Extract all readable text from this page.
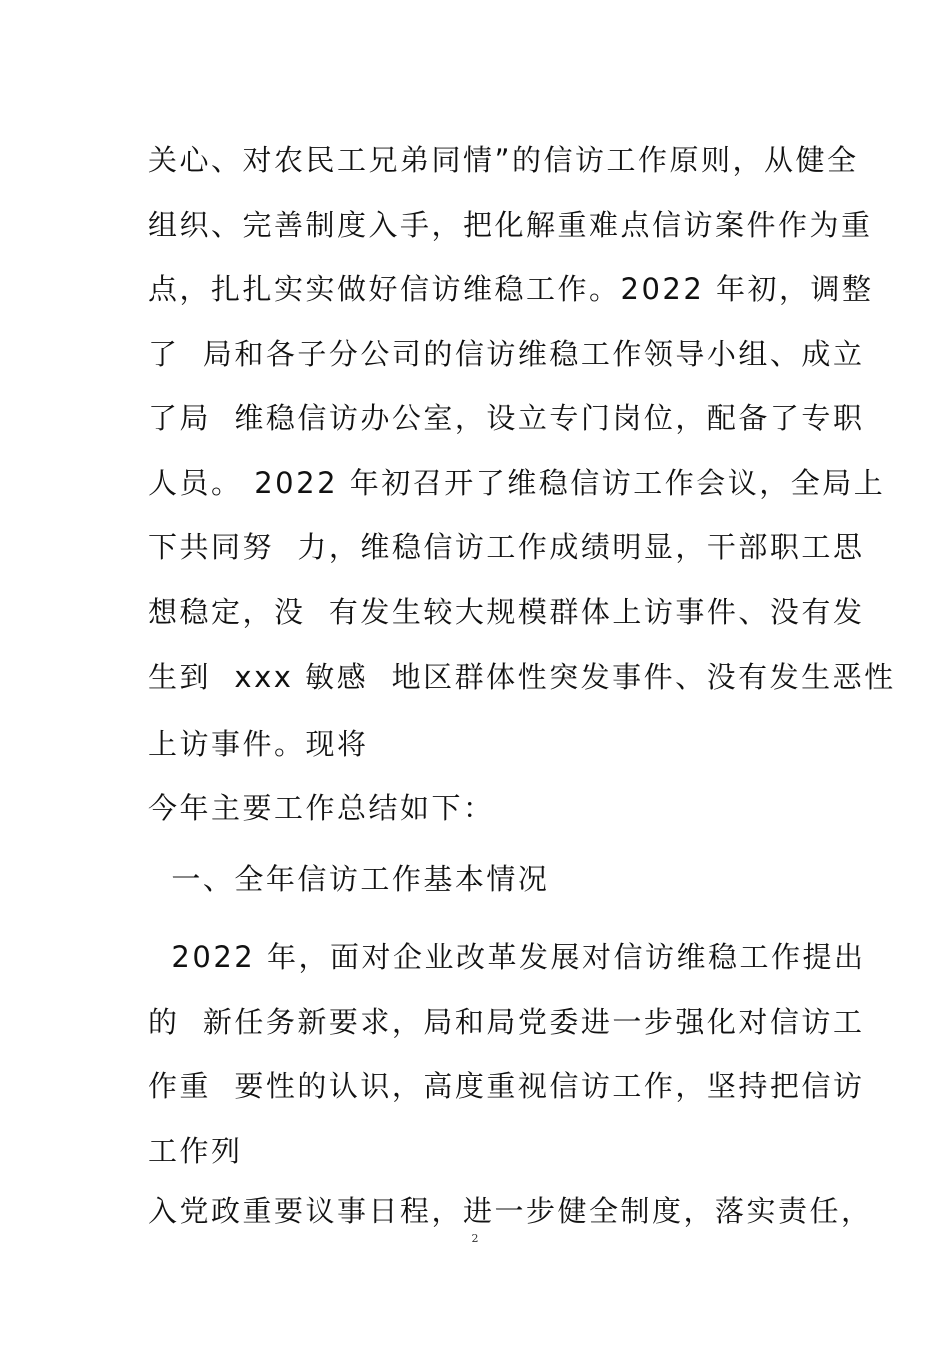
关心、对农民工兄弟同情”的信访工作原则，从健全
组织、完善制度入手，把化解重难点信访案件作为重
点，扎扎实实做好信访维稳工作。2022 年初，调整
了  局和各子分公司的信访维稳工作领导小组、成立
了局  维稳信访办公室，设立专门岗位，配备了专职
人员。 2022 年初召开了维稳信访工作会议，全局上
下共同努  力，维稳信访工作成绩明显，干部职工思
想稳定，没  有发生较大规模群体上访事件、没有发
生到  xxx 敏感  地区群体性突发事件、没有发生恶性
上访事件。现将
今年主要工作总结如下：
一、全年信访工作基本情况
2022 年，面对企业改革发展对信访维稳工作提出
的  新任务新要求，局和局党委进一步强化对信访工
作重  要性的认识，高度重视信访工作，坚持把信访
工作列
入党政重要议事日程，进一步健全制度，落实责任，
2
